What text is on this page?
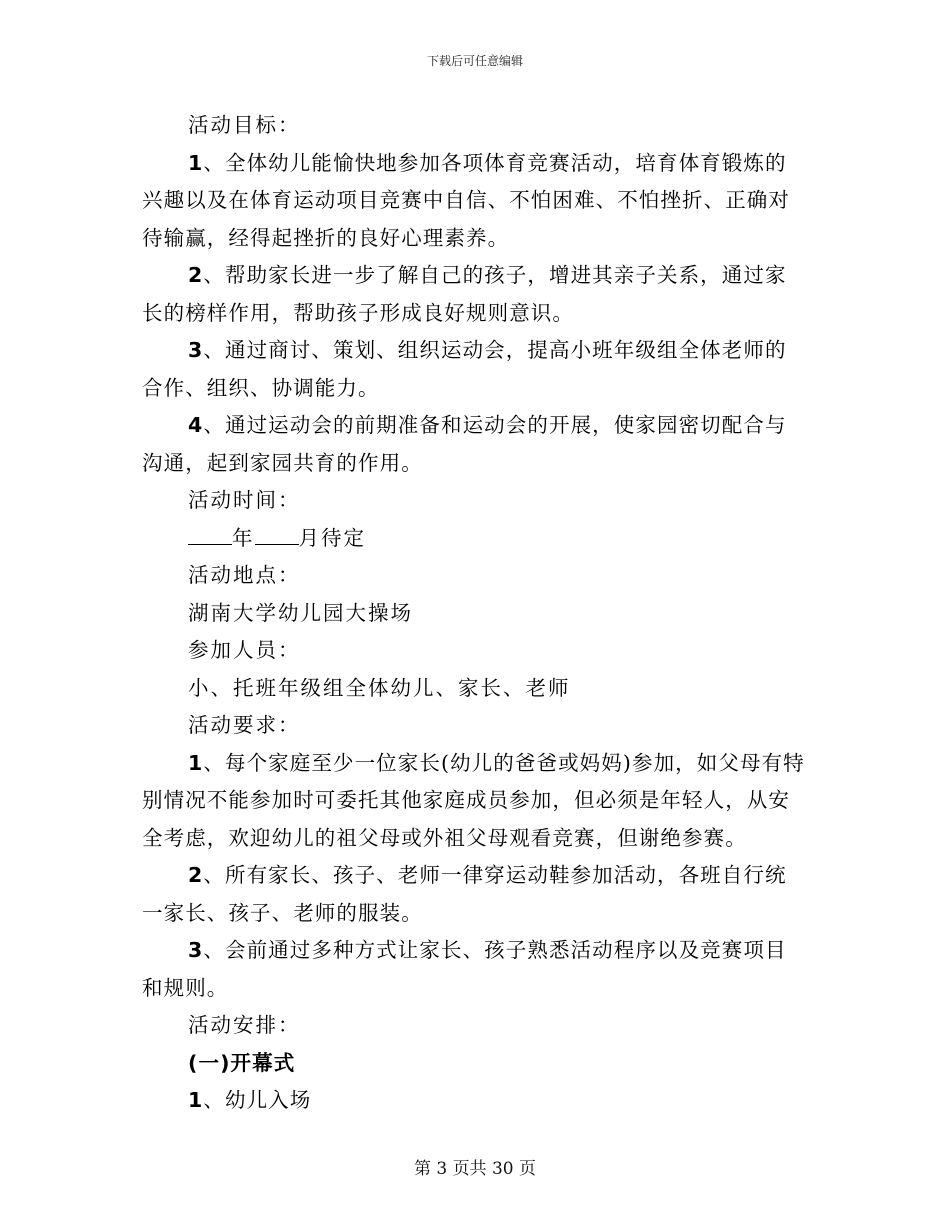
下载后可任意编辑

活动目标：

1、全体幼儿能愉快地参加各项体育竞赛活动，培育体育锻炼的兴趣以及在体育运动项目竞赛中自信、不怕困难、不怕挫折、正确对待输赢，经得起挫折的良好心理素养。

2、帮助家长进一步了解自己的孩子，增进其亲子关系，通过家长的榜样作用，帮助孩子形成良好规则意识。

3、通过商讨、策划、组织运动会，提高小班年级组全体老师的合作、组织、协调能力。

4、通过运动会的前期准备和运动会的开展，使家园密切配合与沟通，起到家园共育的作用。

活动时间：

年 月待定

活动地点：

湖南大学幼儿园大操场

参加人员：

小、托班年级组全体幼儿、家长、老师

活动要求：

1、每个家庭至少一位家长(幼儿的爸爸或妈妈)参加，如父母有特别情况不能参加时可委托其他家庭成员参加，但必须是年轻人，从安全考虑，欢迎幼儿的祖父母或外祖父母观看竞赛，但谢绝参赛。

2、所有家长、孩子、老师一律穿运动鞋参加活动，各班自行统一家长、孩子、老师的服装。

3、会前通过多种方式让家长、孩子熟悉活动程序以及竞赛项目和规则。

活动安排：

(一)开幕式

1、幼儿入场

第 3 页共 30 页
